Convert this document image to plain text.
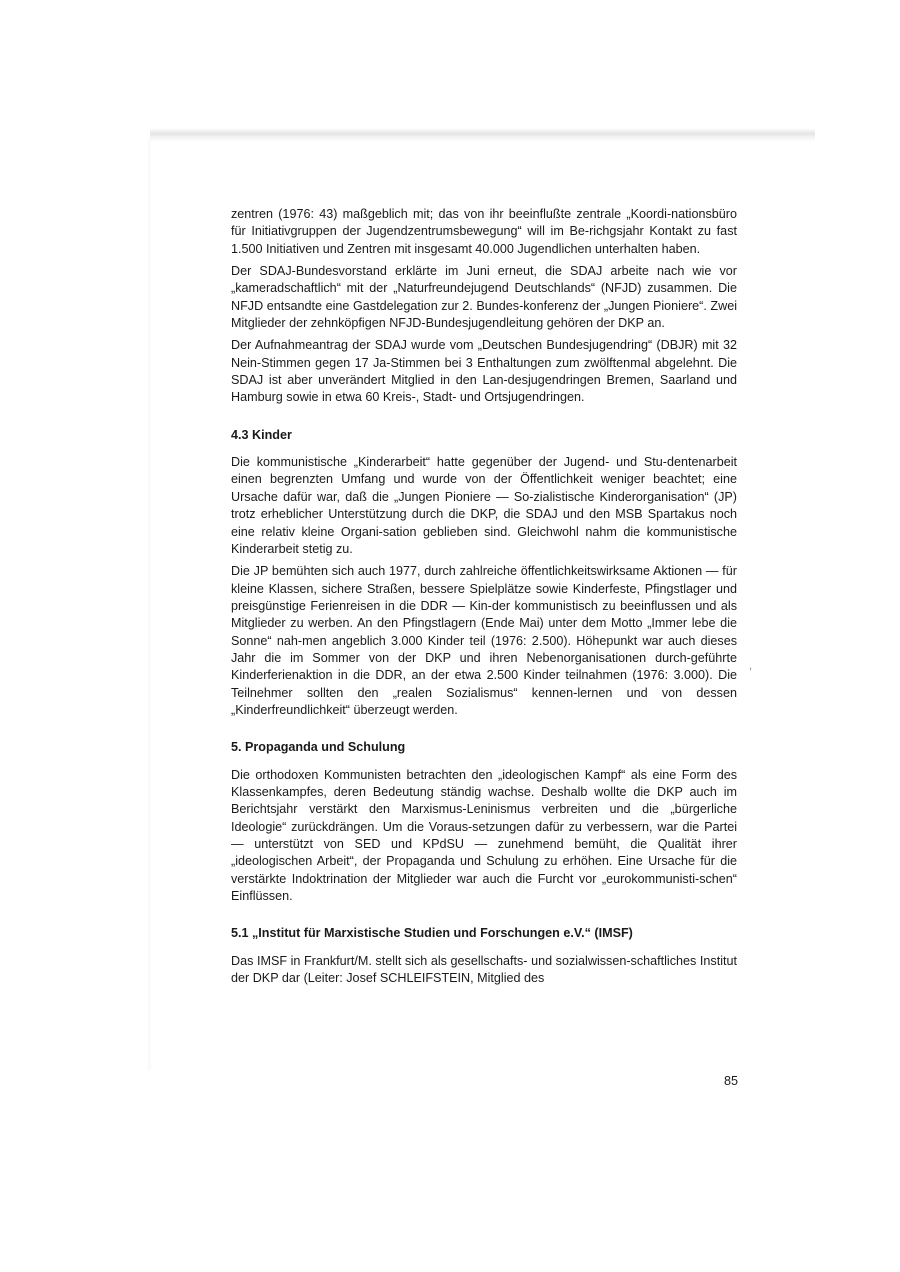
zentren (1976: 43) maßgeblich mit; das von ihr beeinflußte zentrale „Koordi-nationsbüro für Initiativgruppen der Jugendzentrumsbewegung“ will im Be-richgsjahr Kontakt zu fast 1.500 Initiativen und Zentren mit insgesamt 40.000 Jugendlichen unterhalten haben.

Der SDAJ-Bundesvorstand erklärte im Juni erneut, die SDAJ arbeite nach wie vor „kameradschaftlich“ mit der „Naturfreundejugend Deutschlands“ (NFJD) zusammen. Die NFJD entsandte eine Gastdelegation zur 2. Bundes-konferenz der „Jungen Pioniere“. Zwei Mitglieder der zehnköpfigen NFJD-Bundesjugendleitung gehören der DKP an.

Der Aufnahmeantrag der SDAJ wurde vom „Deutschen Bundesjugendring“ (DBJR) mit 32 Nein-Stimmen gegen 17 Ja-Stimmen bei 3 Enthaltungen zum zwölftenmal abgelehnt. Die SDAJ ist aber unverändert Mitglied in den Lan-desjugendringen Bremen, Saarland und Hamburg sowie in etwa 60 Kreis-, Stadt- und Ortsjugendringen.

4.3 Kinder

Die kommunistische „Kinderarbeit“ hatte gegenüber der Jugend- und Stu-dentenarbeit einen begrenzten Umfang und wurde von der Öffentlichkeit weniger beachtet; eine Ursache dafür war, daß die „Jungen Pioniere — So-zialistische Kinderorganisation“ (JP) trotz erheblicher Unterstützung durch die DKP, die SDAJ und den MSB Spartakus noch eine relativ kleine Organi-sation geblieben sind. Gleichwohl nahm die kommunistische Kinderarbeit stetig zu.

Die JP bemühten sich auch 1977, durch zahlreiche öffentlichkeitswirksame Aktionen — für kleine Klassen, sichere Straßen, bessere Spielplätze sowie Kinderfeste, Pfingstlager und preisgünstige Ferienreisen in die DDR — Kin-der kommunistisch zu beeinflussen und als Mitglieder zu werben. An den Pfingstlagern (Ende Mai) unter dem Motto „Immer lebe die Sonne“ nah-men angeblich 3.000 Kinder teil (1976: 2.500). Höhepunkt war auch dieses Jahr die im Sommer von der DKP und ihren Nebenorganisationen durch-geführte Kinderferienaktion in die DDR, an der etwa 2.500 Kinder teilnahmen (1976: 3.000). Die Teilnehmer sollten den „realen Sozialismus“ kennen-lernen und von dessen „Kinderfreundlichkeit“ überzeugt werden.

5. Propaganda und Schulung

Die orthodoxen Kommunisten betrachten den „ideologischen Kampf“ als eine Form des Klassenkampfes, deren Bedeutung ständig wachse. Deshalb wollte die DKP auch im Berichtsjahr verstärkt den Marxismus-Leninismus verbreiten und die „bürgerliche Ideologie“ zurückdrängen. Um die Voraus-setzungen dafür zu verbessern, war die Partei — unterstützt von SED und KPdSU — zunehmend bemüht, die Qualität ihrer „ideologischen Arbeit“, der Propaganda und Schulung zu erhöhen. Eine Ursache für die verstärkte Indoktrination der Mitglieder war auch die Furcht vor „eurokommunisti-schen“ Einflüssen.

5.1 „Institut für Marxistische Studien und Forschungen e.V.“ (IMSF)

Das IMSF in Frankfurt/M. stellt sich als gesellschafts- und sozialwissen-schaftliches Institut der DKP dar (Leiter: Josef SCHLEIFSTEIN, Mitglied des

,
85
